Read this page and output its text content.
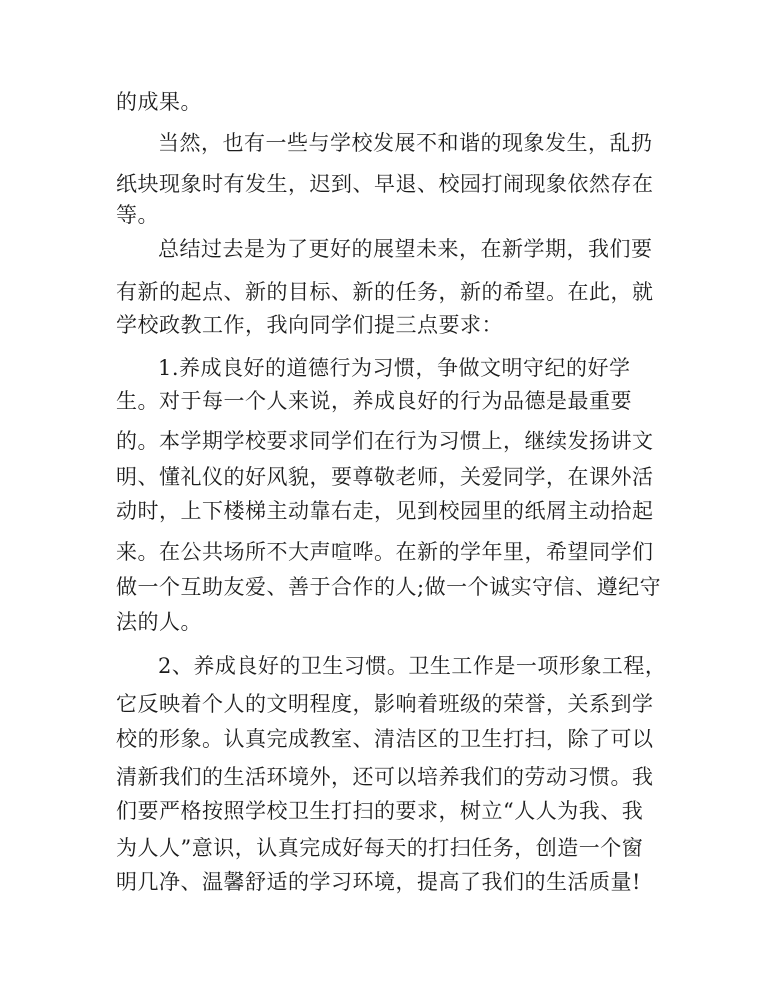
的成果。
当然，也有一些与学校发展不和谐的现象发生，乱扔
纸块现象时有发生，迟到、早退、校园打闹现象依然存在
等。
总结过去是为了更好的展望未来，在新学期，我们要
有新的起点、新的目标、新的任务，新的希望。在此，就
学校政教工作，我向同学们提三点要求：
1.养成良好的道德行为习惯，争做文明守纪的好学
生。对于每一个人来说，养成良好的行为品德是最重要
的。本学期学校要求同学们在行为习惯上，继续发扬讲文
明、懂礼仪的好风貌，要尊敬老师，关爱同学，在课外活
动时，上下楼梯主动靠右走，见到校园里的纸屑主动拾起
来。在公共场所不大声喧哗。在新的学年里，希望同学们
做一个互助友爱、善于合作的人;做一个诚实守信、遵纪守
法的人。
2、养成良好的卫生习惯。卫生工作是一项形象工程，
它反映着个人的文明程度，影响着班级的荣誉，关系到学
校的形象。认真完成教室、清洁区的卫生打扫，除了可以
清新我们的生活环境外，还可以培养我们的劳动习惯。我
们要严格按照学校卫生打扫的要求，树立“人人为我、我
为人人”意识，认真完成好每天的打扫任务，创造一个窗
明几净、温馨舒适的学习环境，提高了我们的生活质量!
